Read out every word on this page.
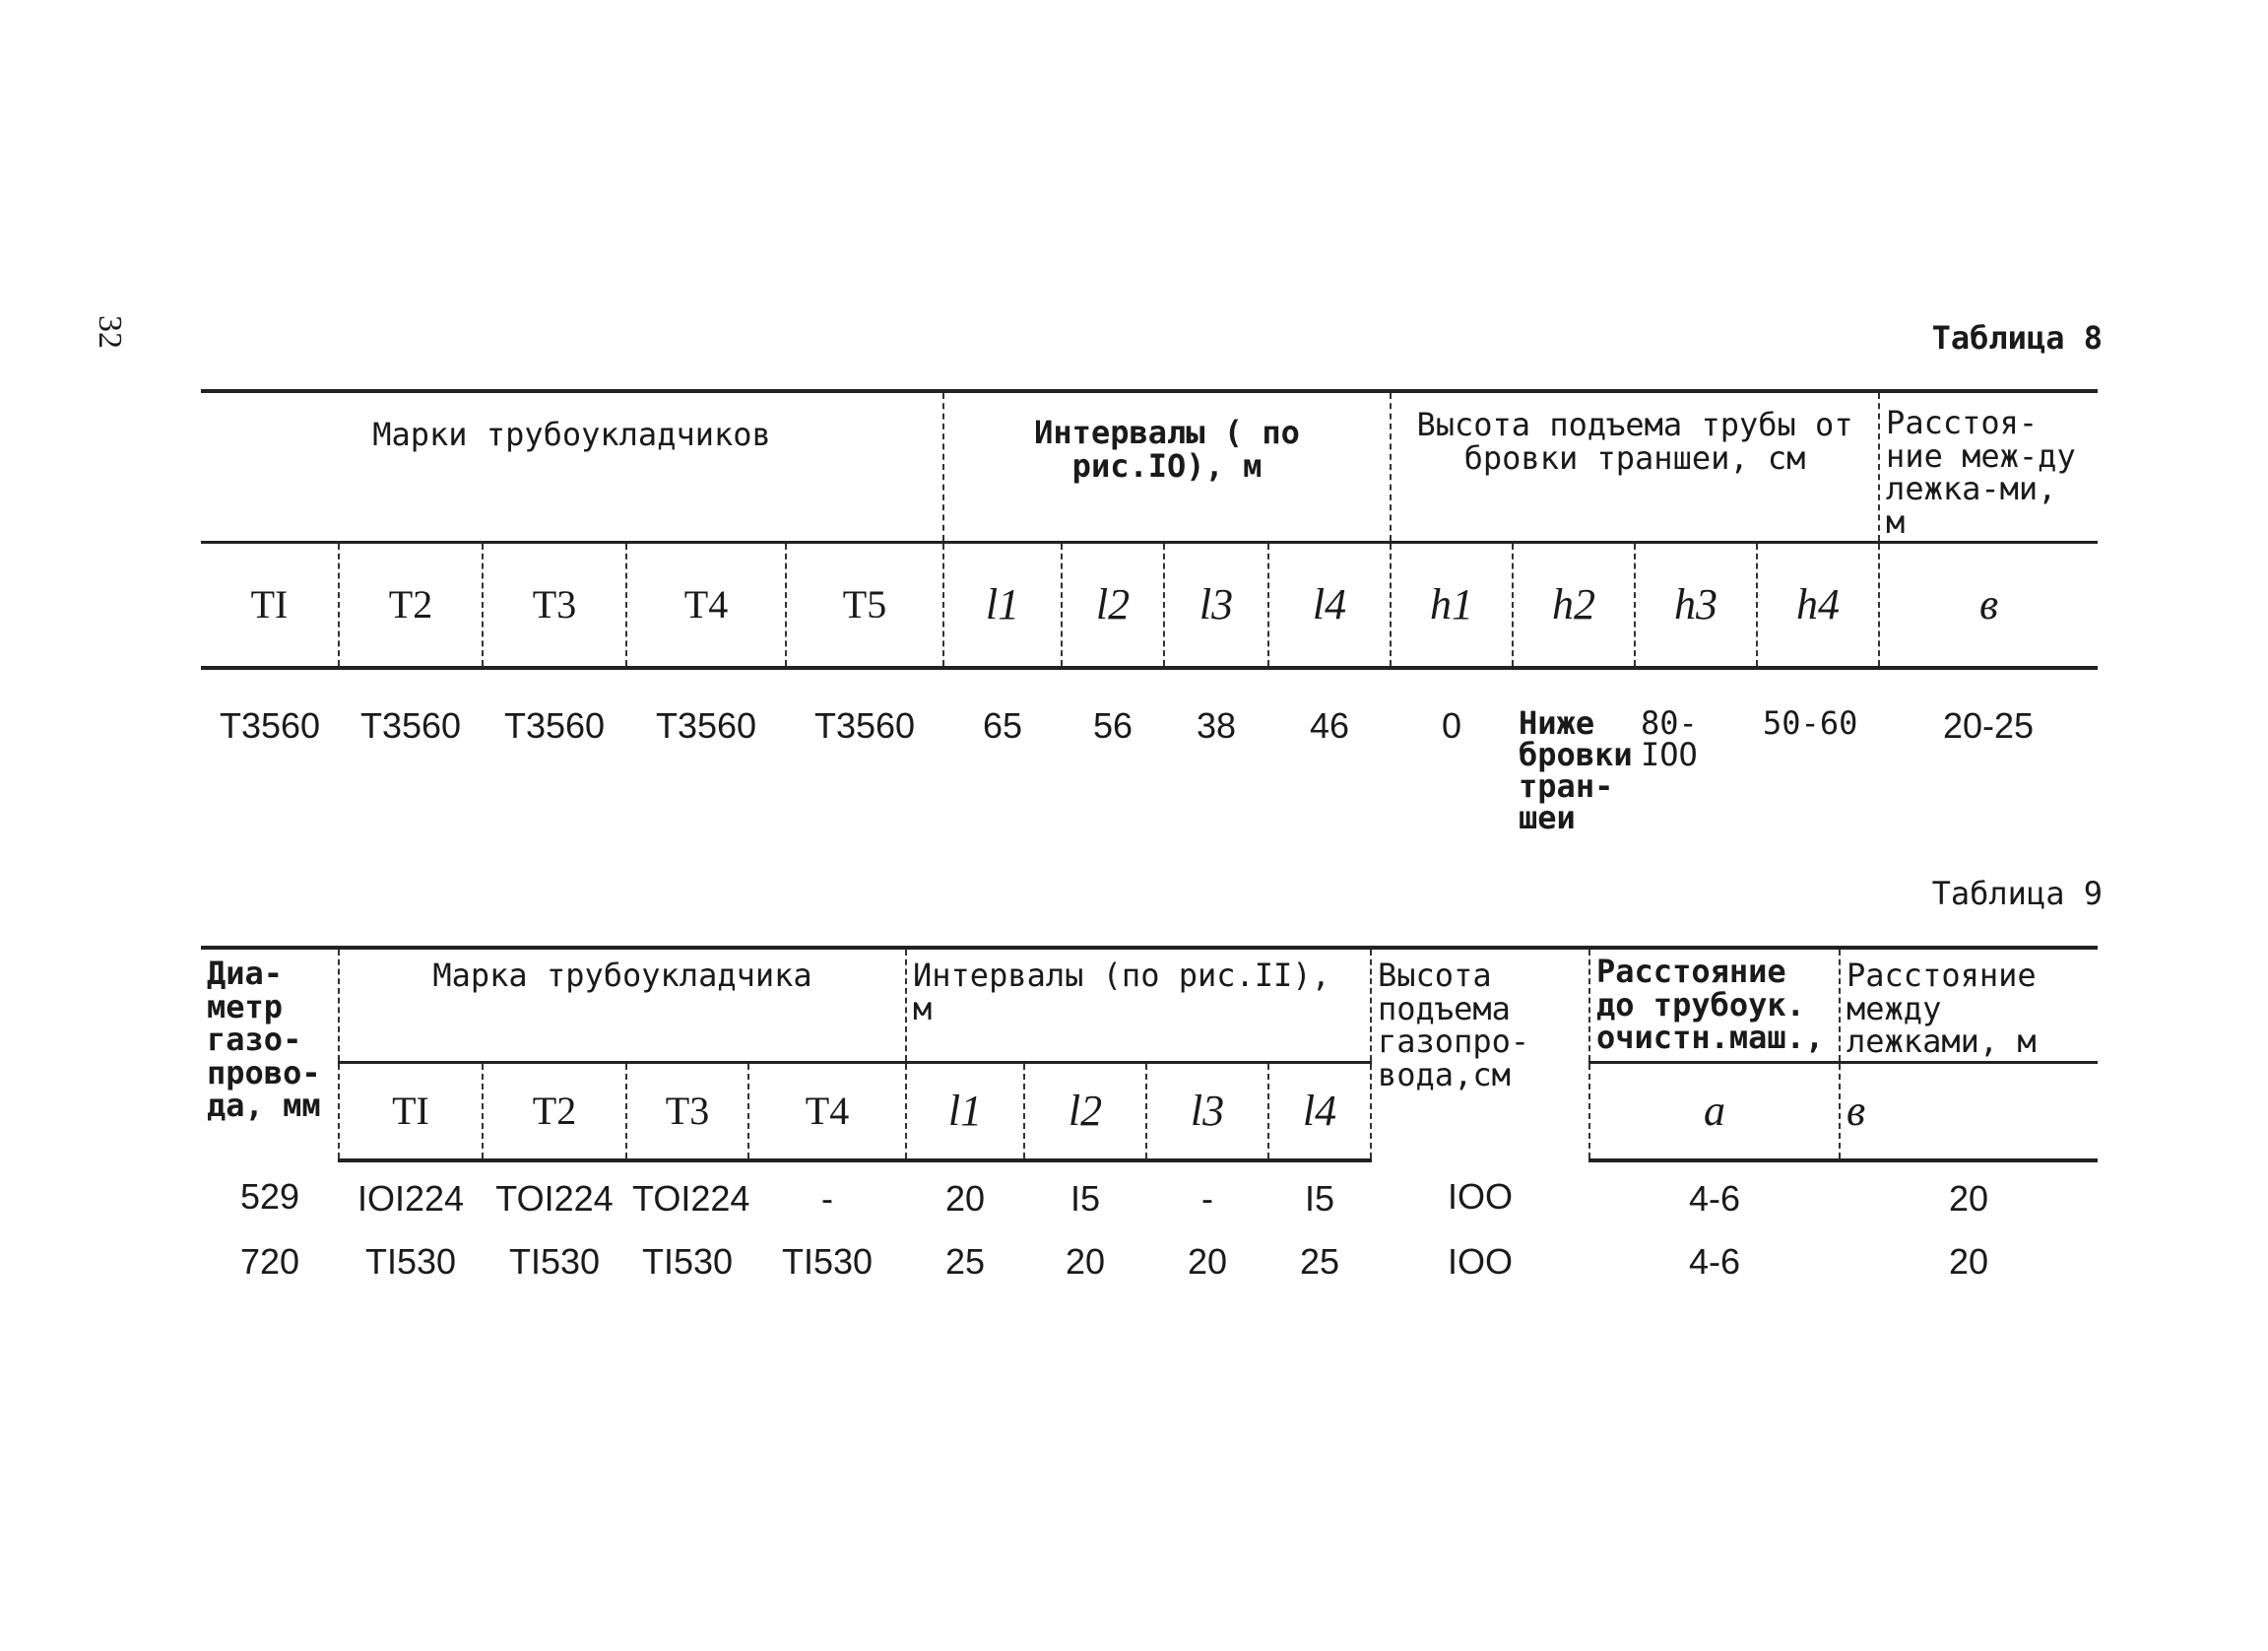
32	Таблица 8
Марки трубоукладчиков					Интервалы ( по рис.IO), м				Высота подъема трубы от бровки траншеи, см				Расстоя-ние меж-ду лежка-ми, м
TI	T2	T3	T4	T5	l1	l2	l3	l4	h1	h2	h3	h4	в
T3560	T3560	T3560	T3560	T3560	65	56	38	46	0	Ниже бровки тран-шеи	80-IOO	50-60	20-25
Таблица 9
Диа-метр газо-прово-да, мм	Марка трубоукладчика				Интервалы (по рис.II), м				Высота подъема газопро-вода,см	Расстояние до трубоук. очистн.маш.,	Расстояние между лежками, м
	TI	T2	T3	T4	l1	l2	l3	l4		a	в
529	IOI224	TOI224	TOI224	-	20	I5	-	I5	IOO	4-6	20
720	TI530	TI530	TI530	TI530	25	20	20	25	IOO	4-6	20
